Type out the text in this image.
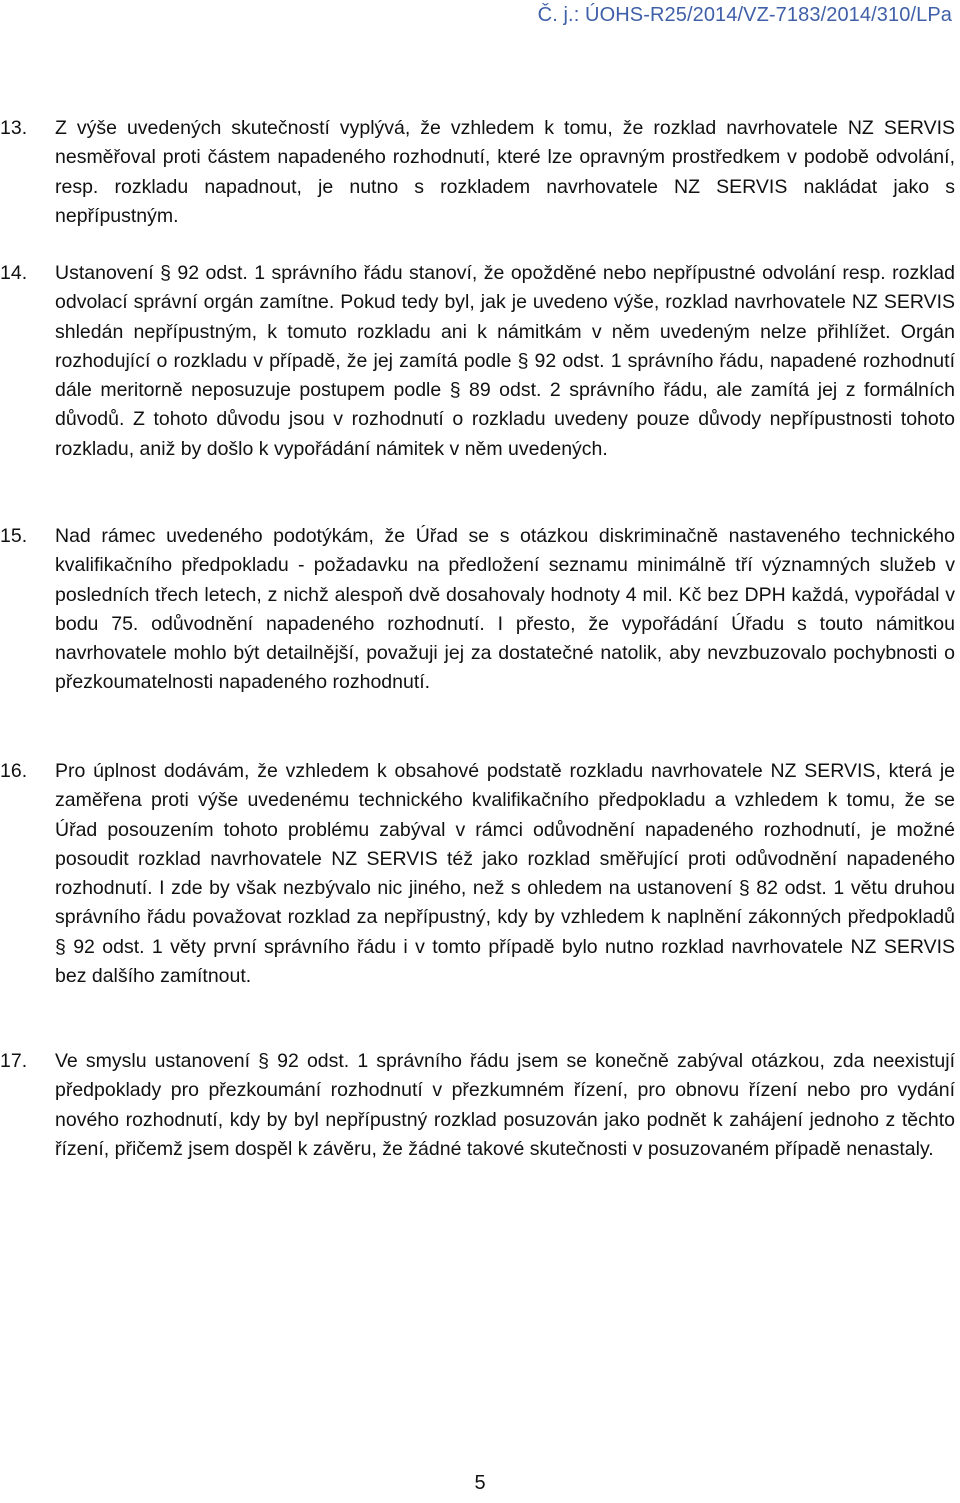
Č. j.: ÚOHS-R25/2014/VZ-7183/2014/310/LPa
13. Z výše uvedených skutečností vyplývá, že vzhledem k tomu, že rozklad navrhovatele NZ SERVIS nesměřoval proti částem napadeného rozhodnutí, které lze opravným prostředkem v podobě odvolání, resp. rozkladu napadnout, je nutno s rozkladem navrhovatele NZ SERVIS nakládat jako s nepřípustným.

14. Ustanovení § 92 odst. 1 správního řádu stanoví, že opožděné nebo nepřípustné odvolání resp. rozklad odvolací správní orgán zamítne. Pokud tedy byl, jak je uvedeno výše, rozklad navrhovatele NZ SERVIS shledán nepřípustným, k tomuto rozkladu ani k námitkám v něm uvedeným nelze přihlížet. Orgán rozhodující o rozkladu v případě, že jej zamítá podle § 92 odst. 1 správního řádu, napadené rozhodnutí dále meritorně neposuzuje postupem podle § 89 odst. 2 správního řádu, ale zamítá jej z formálních důvodů. Z tohoto důvodu jsou v rozhodnutí o rozkladu uvedeny pouze důvody nepřípustnosti tohoto rozkladu, aniž by došlo k vypořádání námitek v něm uvedených.

15. Nad rámec uvedeného podotýkám, že Úřad se s otázkou diskriminačně nastaveného technického kvalifikačního předpokladu - požadavku na předložení seznamu minimálně tří významných služeb v posledních třech letech, z nichž alespoň dvě dosahovaly hodnoty 4 mil. Kč bez DPH každá, vypořádal v bodu 75. odůvodnění napadeného rozhodnutí. I přesto, že vypořádání Úřadu s touto námitkou navrhovatele mohlo být detailnější, považuji jej za dostatečné natolik, aby nevzbuzovalo pochybnosti o přezkoumatelnosti napadeného rozhodnutí.

16. Pro úplnost dodávám, že vzhledem k obsahové podstatě rozkladu navrhovatele NZ SERVIS, která je zaměřena proti výše uvedenému technického kvalifikačního předpokladu a vzhledem k tomu, že se Úřad posouzením tohoto problému zabýval v rámci odůvodnění napadeného rozhodnutí, je možné posoudit rozklad navrhovatele NZ SERVIS též jako rozklad směřující proti odůvodnění napadeného rozhodnutí. I zde by však nezbývalo nic jiného, než s ohledem na ustanovení § 82 odst. 1 větu druhou správního řádu považovat rozklad za nepřípustný, kdy by vzhledem k naplnění zákonných předpokladů § 92 odst. 1 věty první správního řádu i v tomto případě bylo nutno rozklad navrhovatele NZ SERVIS bez dalšího zamítnout.

17. Ve smyslu ustanovení § 92 odst. 1 správního řádu jsem se konečně zabýval otázkou, zda neexistují předpoklady pro přezkoumání rozhodnutí v přezkumném řízení, pro obnovu řízení nebo pro vydání nového rozhodnutí, kdy by byl nepřípustný rozklad posuzován jako podnět k zahájení jednoho z těchto řízení, přičemž jsem dospěl k závěru, že žádné takové skutečnosti v posuzovaném případě nenastaly.

5
